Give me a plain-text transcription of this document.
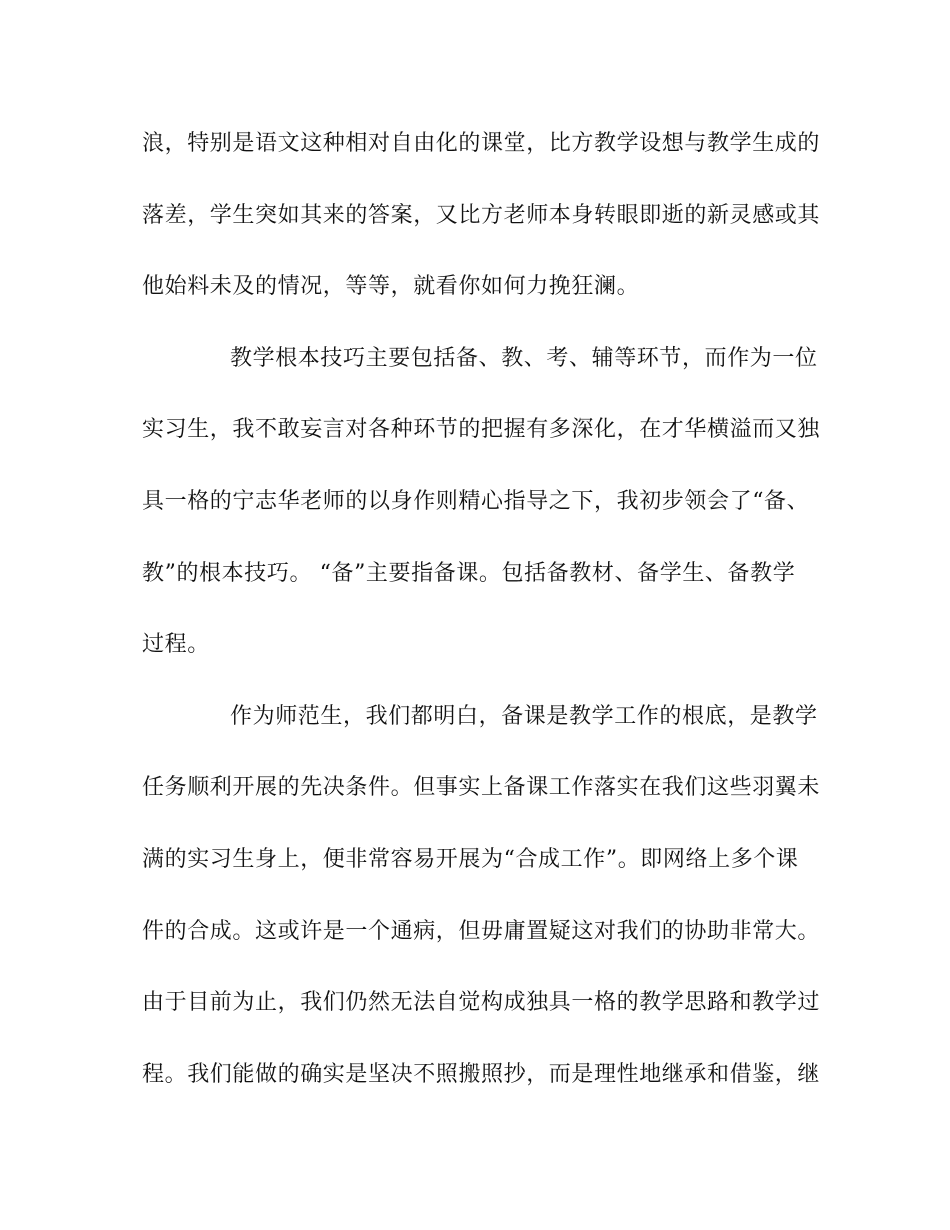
浪，特别是语文这种相对自由化的课堂，比方教学设想与教学生成的
落差，学生突如其来的答案，又比方老师本身转眼即逝的新灵感或其
他始料未及的情况，等等，就看你如何力挽狂澜。
教学根本技巧主要包括备、教、考、辅等环节，而作为一位
实习生，我不敢妄言对各种环节的把握有多深化，在才华横溢而又独
具一格的宁志华老师的以身作则精心指导之下，我初步领会了“备、
教”的根本技巧。 “备”主要指备课。包括备教材、备学生、备教学
过程。
作为师范生，我们都明白，备课是教学工作的根底，是教学
任务顺利开展的先决条件。但事实上备课工作落实在我们这些羽翼未
满的实习生身上，便非常容易开展为“合成工作”。即网络上多个课
件的合成。这或许是一个通病，但毋庸置疑这对我们的协助非常大。
由于目前为止，我们仍然无法自觉构成独具一格的教学思路和教学过
程。我们能做的确实是坚决不照搬照抄，而是理性地继承和借鉴，继
